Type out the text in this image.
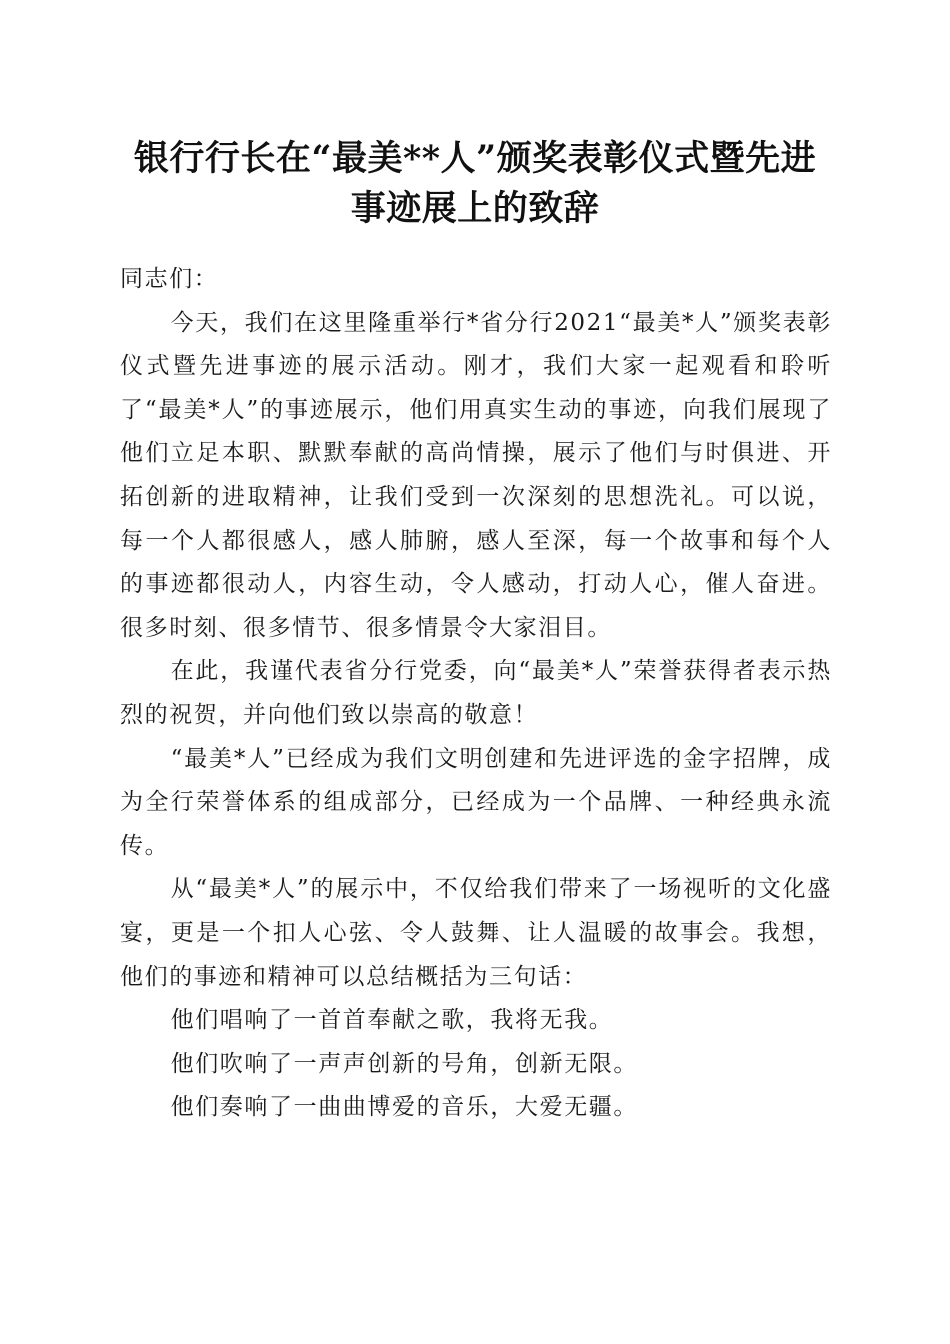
银行行长在“最美**人”颁奖表彰仪式暨先进
事迹展上的致辞

同志们：

今天，我们在这里隆重举行*省分行2021“最美*人”颁奖表彰仪式暨先进事迹的展示活动。刚才，我们大家一起观看和聆听了“最美*人”的事迹展示，他们用真实生动的事迹，向我们展现了他们立足本职、默默奉献的高尚情操，展示了他们与时俱进、开拓创新的进取精神，让我们受到一次深刻的思想洗礼。可以说，每一个人都很感人，感人肺腑，感人至深，每一个故事和每个人的事迹都很动人，内容生动，令人感动，打动人心，催人奋进。很多时刻、很多情节、很多情景令大家泪目。

在此，我谨代表省分行党委，向“最美*人”荣誉获得者表示热烈的祝贺，并向他们致以崇高的敬意！

“最美*人”已经成为我们文明创建和先进评选的金字招牌，成为全行荣誉体系的组成部分，已经成为一个品牌、一种经典永流传。

从“最美*人”的展示中，不仅给我们带来了一场视听的文化盛宴，更是一个扣人心弦、令人鼓舞、让人温暖的故事会。我想，他们的事迹和精神可以总结概括为三句话：

他们唱响了一首首奉献之歌，我将无我。

他们吹响了一声声创新的号角，创新无限。

他们奏响了一曲曲博爱的音乐，大爱无疆。
